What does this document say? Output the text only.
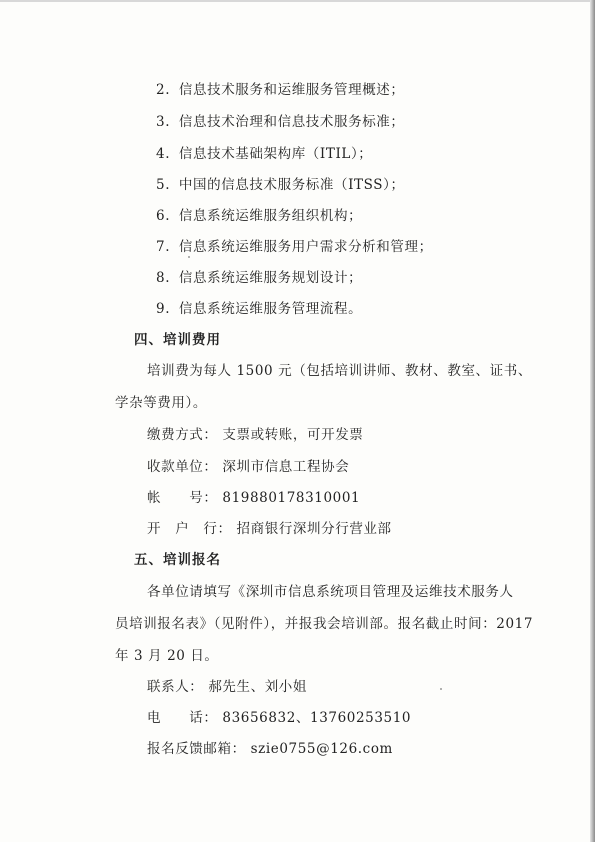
2. 信息技术服务和运维服务管理概述；
3. 信息技术治理和信息技术服务标准；
4. 信息技术基础架构库（ITIL）；
5. 中国的信息技术服务标准（ITSS）；
6. 信息系统运维服务组织机构；
7. 信息系统运维服务用户需求分析和管理；
8. 信息系统运维服务规划设计；
9. 信息系统运维服务管理流程。
四、培训费用
培训费为每人 1500 元（包括培训讲师、教材、教室、证书、
学杂等费用）。
缴费方式： 支票或转账，可开发票
收款单位： 深圳市信息工程协会
帐　　号： 819880178310001
开　户　行： 招商银行深圳分行营业部
五、培训报名
各单位请填写《深圳市信息系统项目管理及运维技术服务人
员培训报名表》（见附件），并报我会培训部。报名截止时间：2017
年 3 月 20 日。
联系人： 郝先生、刘小姐
电　　话： 83656832、13760253510
报名反馈邮箱： szie0755@126.com
